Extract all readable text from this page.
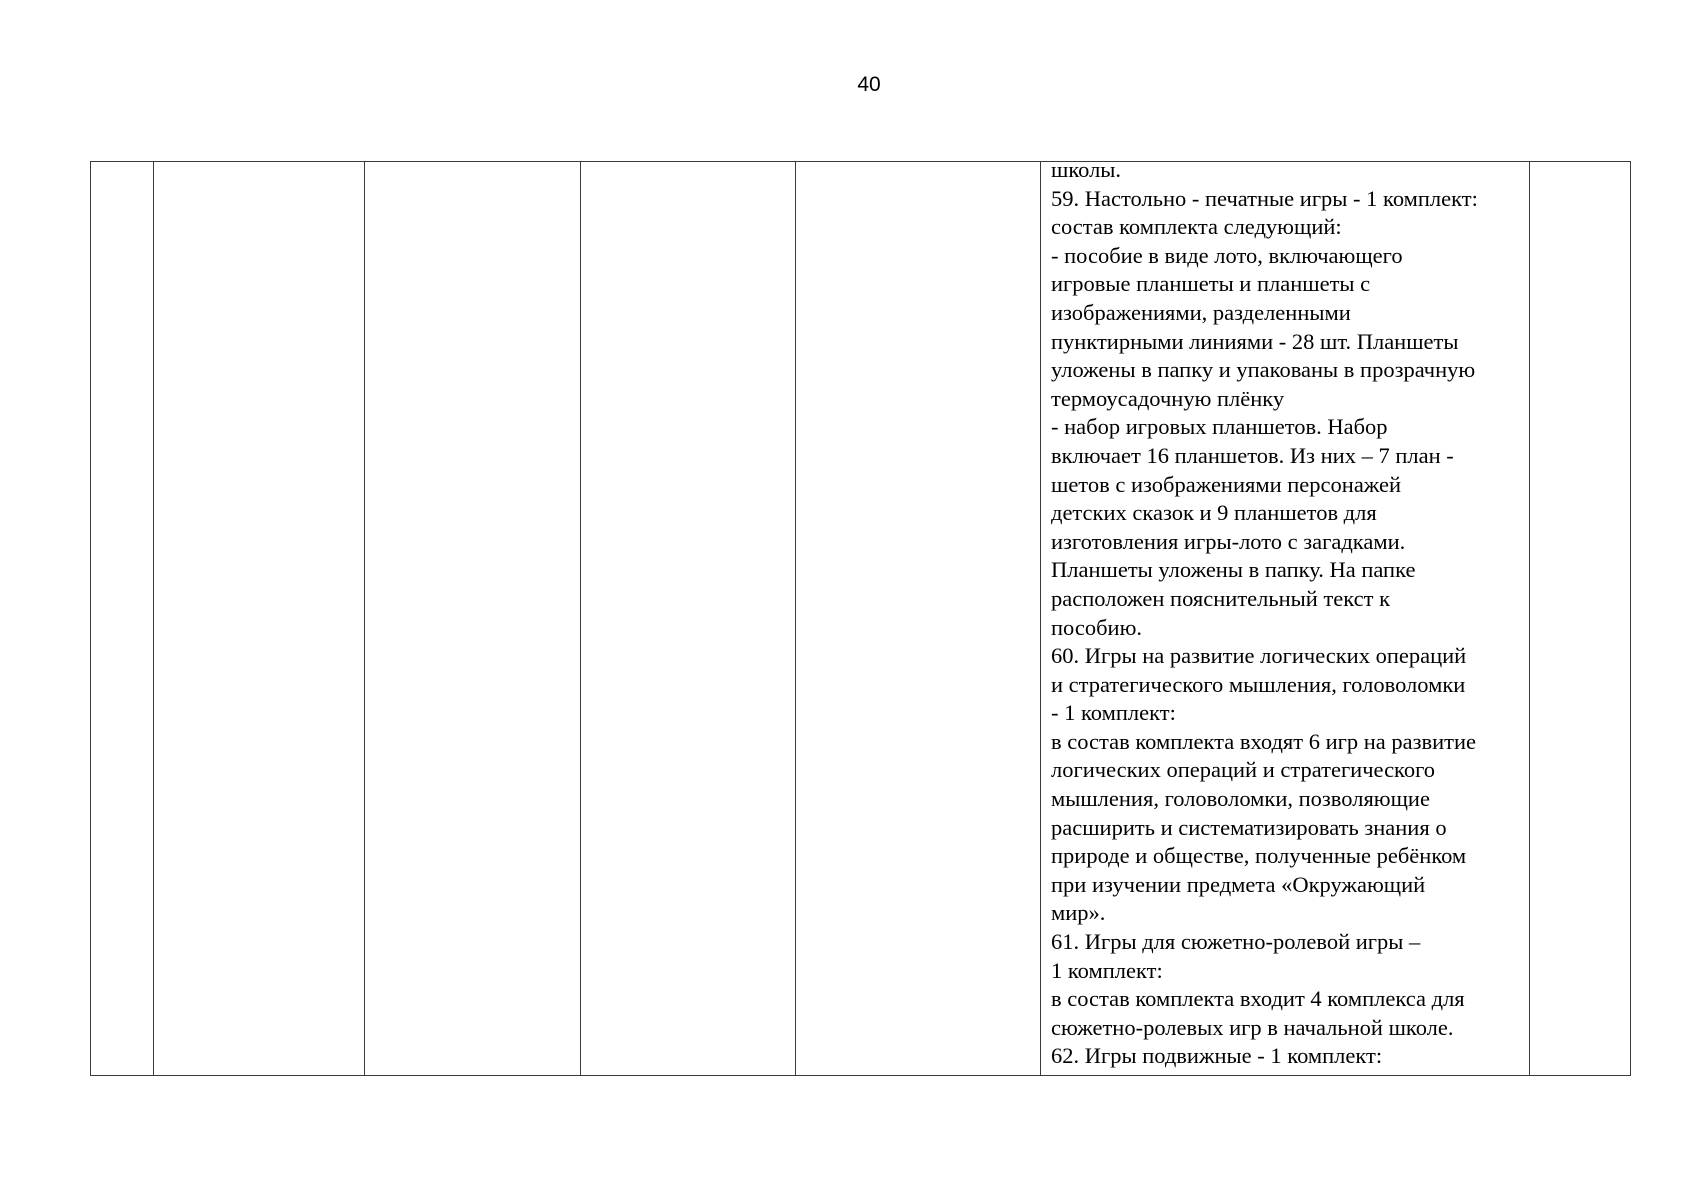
40

школы.
59. Настольно - печатные игры - 1 комплект:
состав комплекта следующий:
- пособие в виде лото, включающего
игровые планшеты и планшеты с
изображениями, разделенными
пунктирными линиями - 28 шт. Планшеты
уложены в папку и упакованы в прозрачную
термоусадочную плёнку
- набор игровых планшетов. Набор
включает 16 планшетов. Из них – 7 план -
шетов с изображениями персонажей
детских сказок и 9 планшетов для
изготовления игры-лото с загадками.
Планшеты уложены в папку. На папке
расположен пояснительный текст к
пособию.
60. Игры на развитие логических операций
и стратегического мышления, головоломки
- 1 комплект:
в состав комплекта входят 6 игр на развитие
логических операций и стратегического
мышления, головоломки, позволяющие
расширить и систематизировать знания о
природе и обществе, полученные ребёнком
при изучении предмета «Окружающий
мир».
61. Игры для сюжетно-ролевой игры –
1 комплект:
в состав комплекта входит 4 комплекса для
сюжетно-ролевых игр в начальной школе.
62. Игры подвижные - 1 комплект:
